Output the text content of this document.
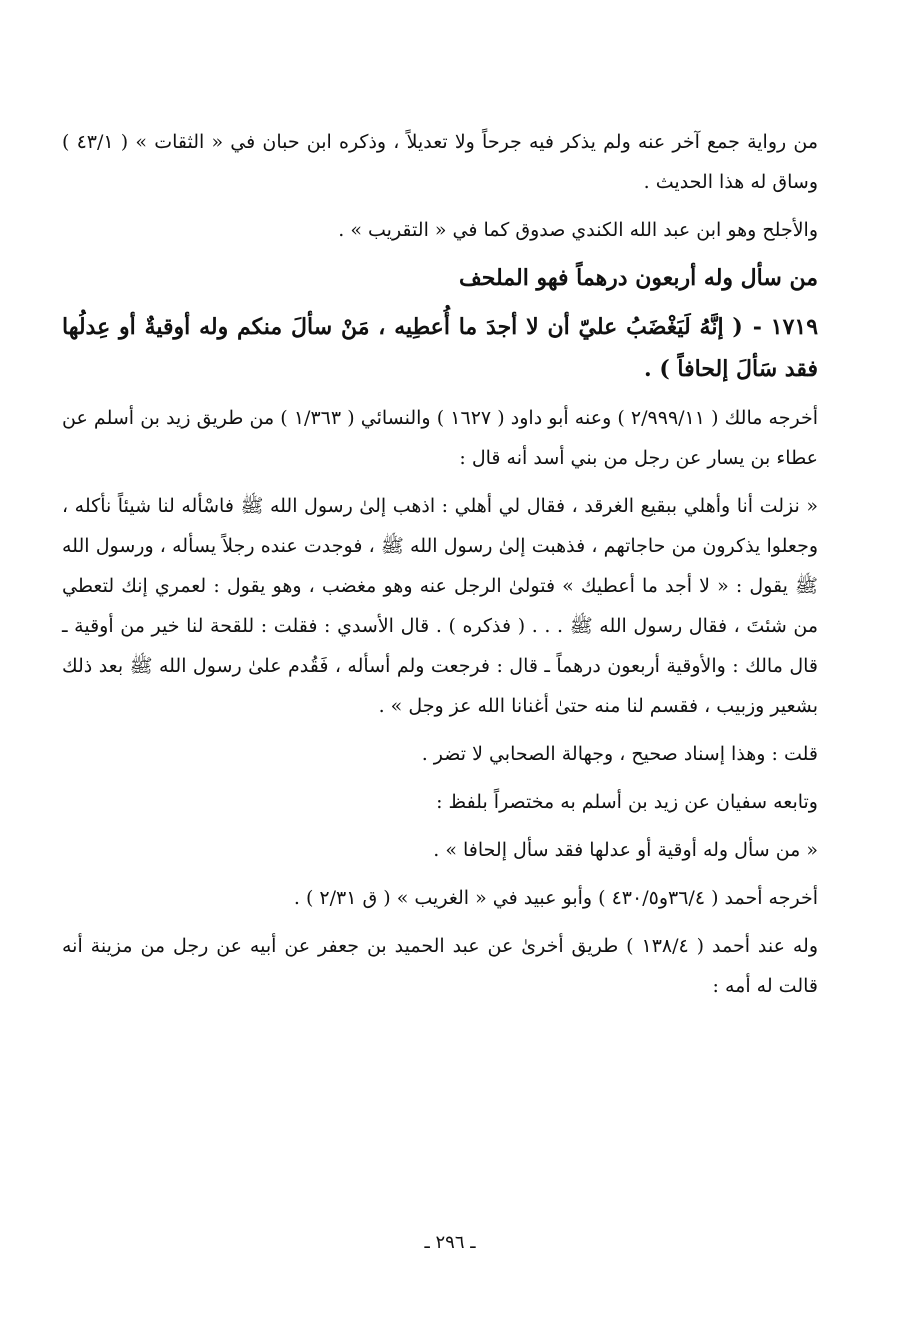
من رواية جمع آخر عنه ولم يذكر فيه جرحاً ولا تعديلاً ، وذكره ابن حبان في « الثقات » ( ٤٣/١ ) وساق له هذا الحديث .

والأجلح وهو ابن عبد الله الكندي صدوق كما في « التقريب » .

من سأل وله أربعون درهماً فهو الملحف

١٧١٩ -( إنَّهُ لَيَغْضَبُ عليّ أن لا أجدَ ما أُعطِيه ، مَنْ سألَ منكم وله أوقيةٌ أو عِدلُها فقد سَألَ إلحافاً ) .

أخرجه مالك ( ٢/٩٩٩/١١ ) وعنه أبو داود ( ١٦٢٧ ) والنسائي ( ١/٣٦٣ ) من طريق زيد بن أسلم عن عطاء بن يسار عن رجل من بني أسد أنه قال :

« نزلت أنا وأهلي ببقيع الغرقد ، فقال لي أهلي : اذهب إلىٰ رسول الله ﷺ فاسْأله لنا شيئاً نأكله ، وجعلوا يذكرون من حاجاتهم ، فذهبت إلىٰ رسول الله ﷺ ، فوجدت عنده رجلاً يسأله ، ورسول الله ﷺ يقول : « لا أجد ما أعطيك » فتولىٰ الرجل عنه وهو مغضب ، وهو يقول : لعمري إنك لتعطي من شئتَ ، فقال رسول الله ﷺ . . . ( فذكره ) . قال الأسدي : فقلت : للقحة لنا خير من أوقية ـ قال مالك : والأوقية أربعون درهماً ـ قال : فرجعت ولم أسأله ، فَقُدم علىٰ رسول الله ﷺ بعد ذلك بشعير وزبيب ، فقسم لنا منه حتىٰ أغنانا الله عز وجل » .

قلت : وهذا إسناد صحيح ، وجهالة الصحابي لا تضر .

وتابعه سفيان عن زيد بن أسلم به مختصراً بلفظ :

« من سأل وله أوقية أو عدلها فقد سأل إلحافا » .

أخرجه أحمد ( ٣٦/٤و٤٣٠/٥ ) وأبو عبيد في « الغريب » ( ق ٢/٣١ ) .

وله عند أحمد ( ١٣٨/٤ ) طريق أخرىٰ عن عبد الحميد بن جعفر عن أبيه عن رجل من مزينة أنه قالت له أمه :

ـ ٢٩٦ ـ
